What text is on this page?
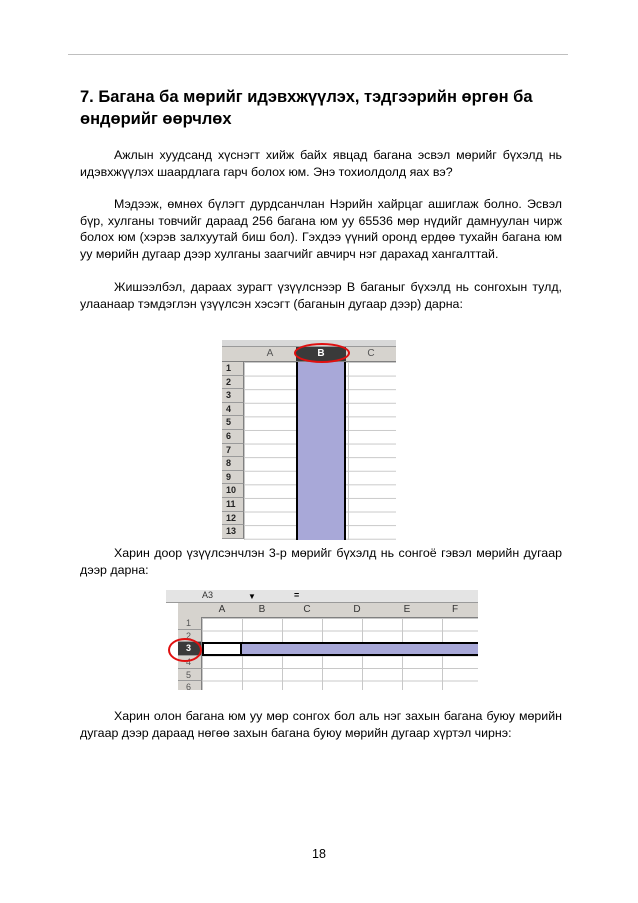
7. Багана ба мөрийг идэвхжүүлэх, тэдгээрийн өргөн ба өндөрийг өөрчлөх

Ажлын хуудсанд хүснэгт хийж байх явцад багана эсвэл мөрийг бүхэлд нь идэвхжүүлэх шаардлага гарч болох юм. Энэ тохиолдолд яах вэ?

Мэдээж, өмнөх бүлэгт дурдсанчлан Нэрийн хайрцаг ашиглаж болно. Эсвэл бүр, хулганы товчийг дараад 256 багана юм уу 65536 мөр нүдийг дамнуулан чирж болох юм (хэрэв залхуутай биш бол). Гэхдээ үүний оронд ердөө тухайн багана юм уу мөрийн дугаар дээр хулганы заагчийг авчирч нэг дарахад хангалттай.

Жишээлбэл, дараах зурагт үзүүлснээр B баганыг бүхэлд нь сонгохын тулд, улаанаар тэмдэглэн үзүүлсэн хэсэгт (баганын дугаар дээр) дарна:

A	B	C
1
2
3
4
5
6
7
8
9
10
11
12
13

Харин доор үзүүлсэнчлэн 3-р мөрийг бүхэлд нь сонгоё гэвэл мөрийн дугаар дээр дарна:

A3	▼	=
A	B	C	D	E	F
1
2
3
4
5
6

Харин олон багана юм уу мөр сонгох бол аль нэг захын багана буюу мөрийн дугаар дээр дараад нөгөө захын багана буюу мөрийн дугаар хүртэл чирнэ:

18
